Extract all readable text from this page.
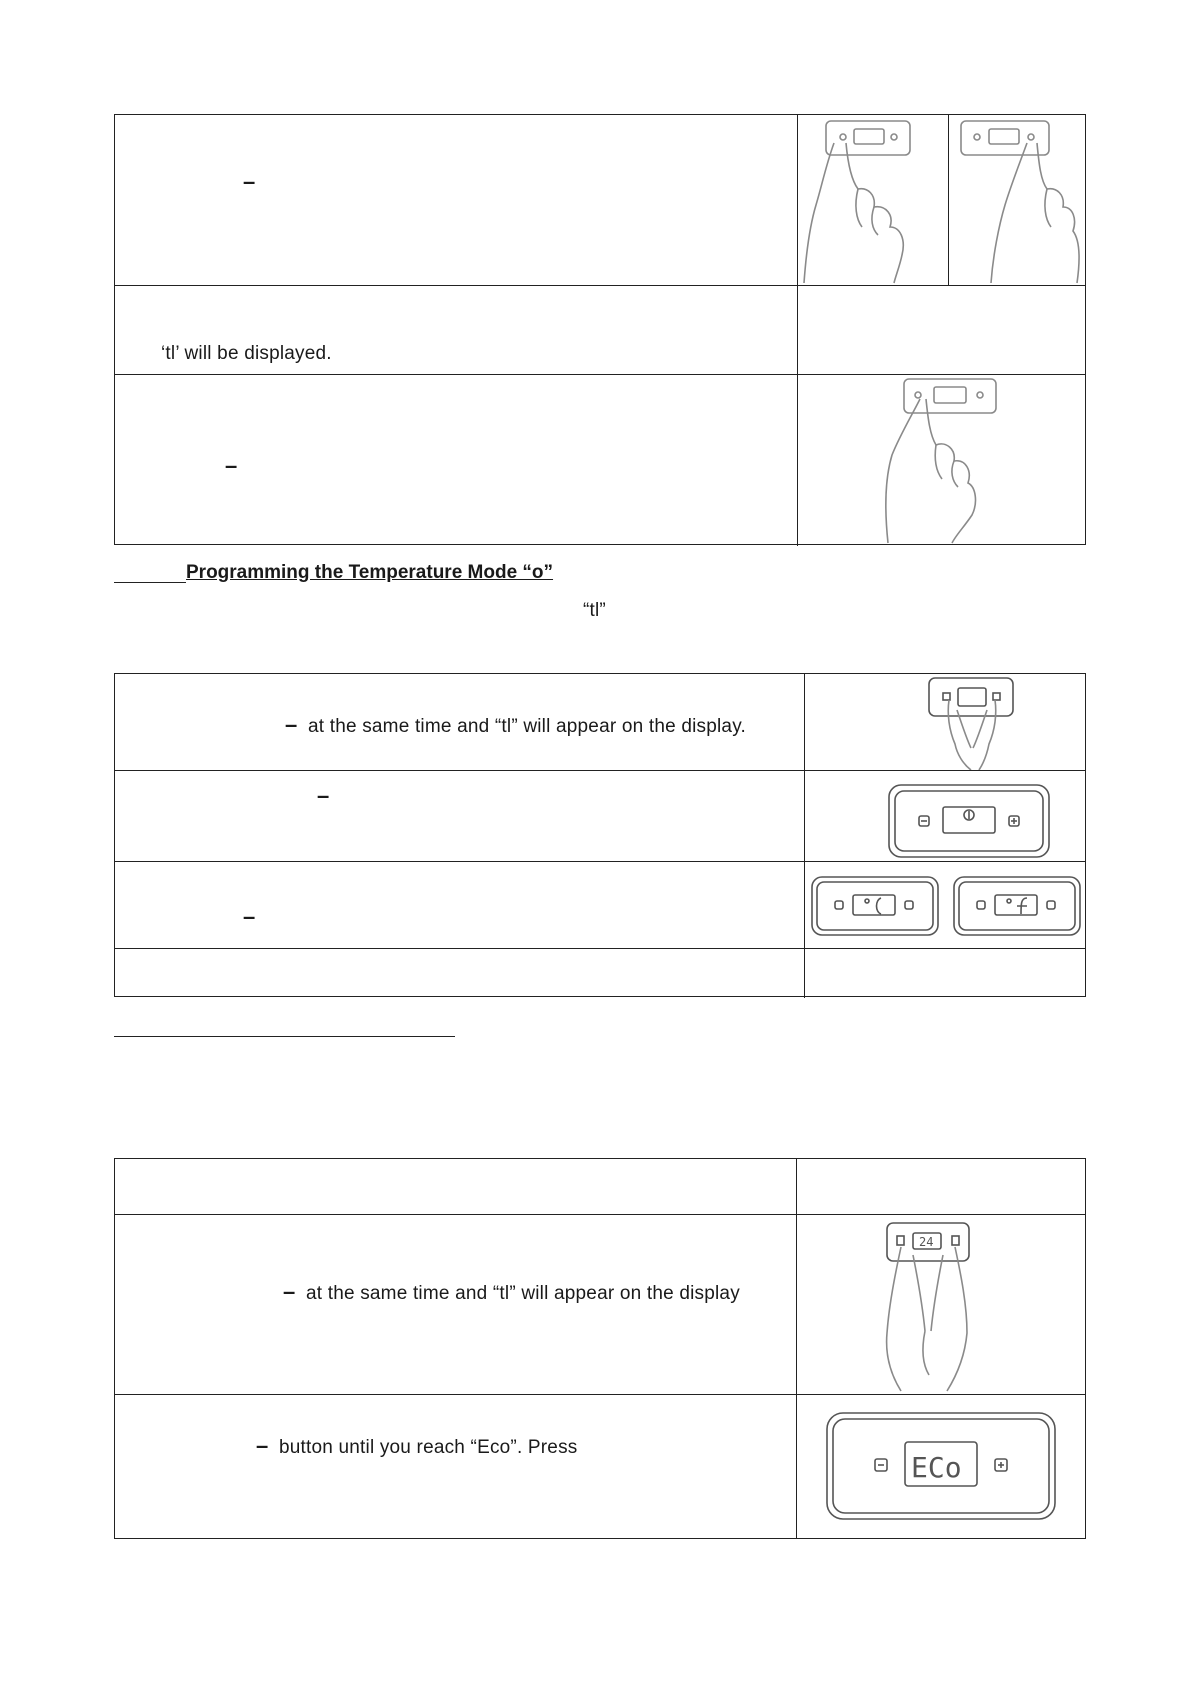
–
‘tl’ will be displayed.
–
Programming the Temperature Mode “o”
“tl”
– at the same time and “tl” will appear on the display.
–
–
– at the same time and “tl” will appear on the display
24
– button until you reach “Eco”. Press
ECo
